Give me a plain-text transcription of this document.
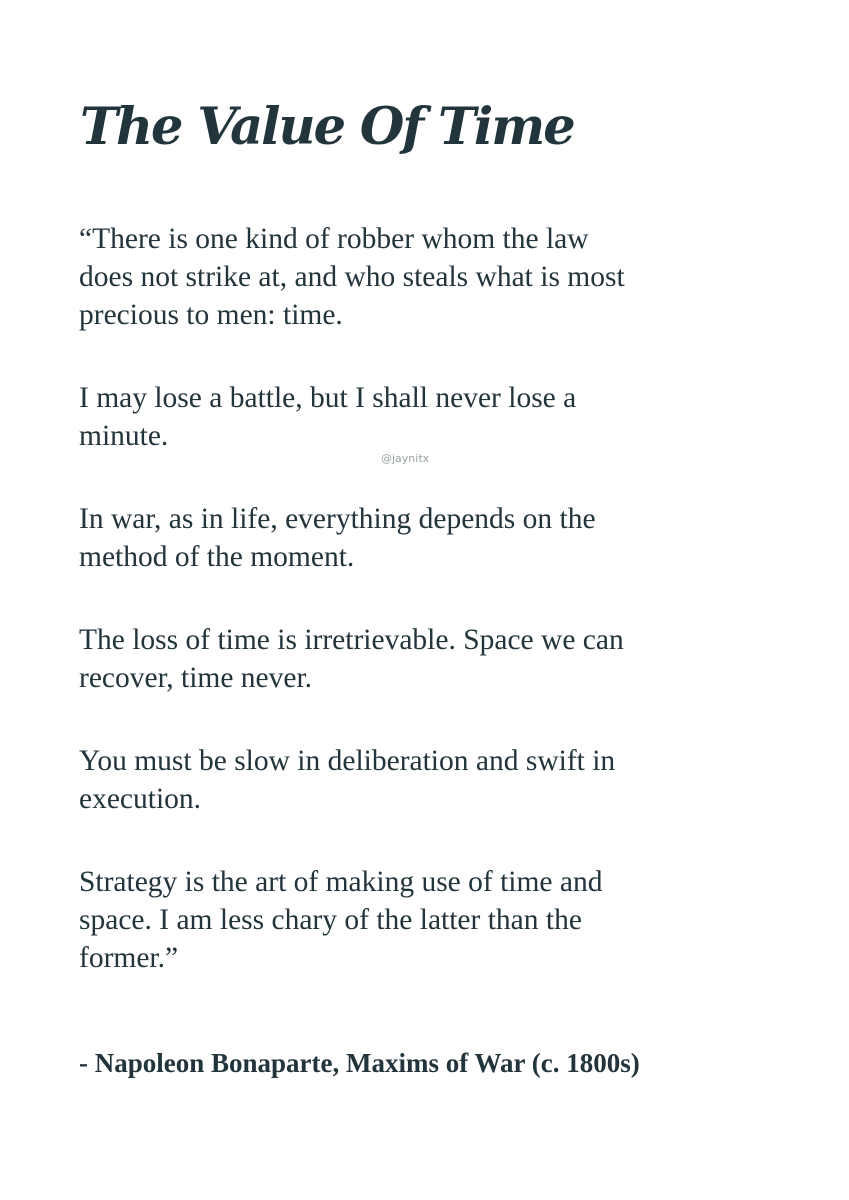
The Value Of Time

“There is one kind of robber whom the law
does not strike at, and who steals what is most
precious to men: time.

I may lose a battle, but I shall never lose a
minute.

In war, as in life, everything depends on the
method of the moment.

The loss of time is irretrievable. Space we can
recover, time never.

You must be slow in deliberation and swift in
execution.

Strategy is the art of making use of time and
space. I am less chary of the latter than the
former.”

@jaynitx

- Napoleon Bonaparte, Maxims of War (c. 1800s)
